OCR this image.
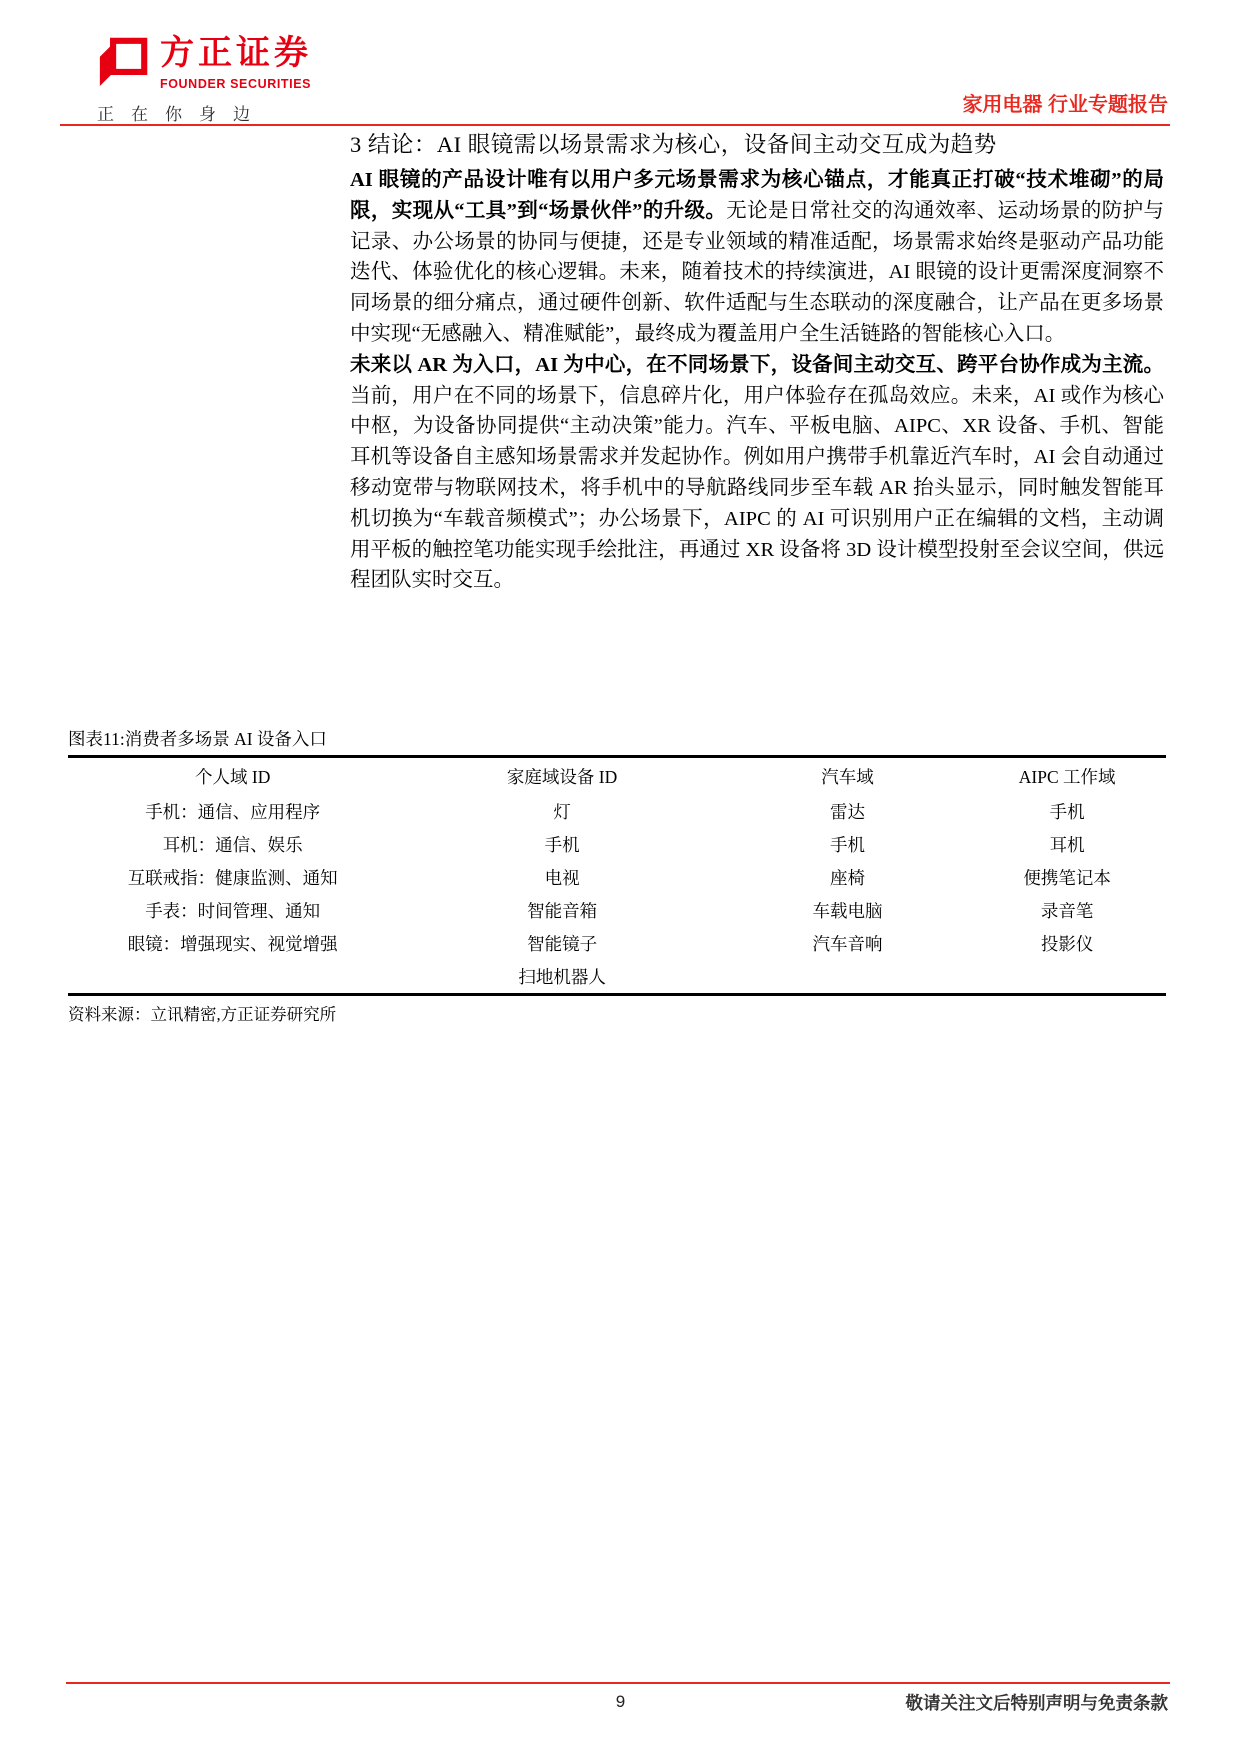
方正证券
FOUNDER SECURITIES
正在你身边	家用电器 行业专题报告
3 结论：AI 眼镜需以场景需求为核心，设备间主动交互成为趋势

AI 眼镜的产品设计唯有以用户多元场景需求为核心锚点，才能真正打破“技术堆砌”的局限，实现从“工具”到“场景伙伴”的升级。无论是日常社交的沟通效率、运动场景的防护与记录、办公场景的协同与便捷，还是专业领域的精准适配，场景需求始终是驱动产品功能迭代、体验优化的核心逻辑。未来，随着技术的持续演进，AI 眼镜的设计更需深度洞察不同场景的细分痛点，通过硬件创新、软件适配与生态联动的深度融合，让产品在更多场景中实现“无感融入、精准赋能”，最终成为覆盖用户全生活链路的智能核心入口。

未来以 AR 为入口，AI 为中心，在不同场景下，设备间主动交互、跨平台协作成为主流。当前，用户在不同的场景下，信息碎片化，用户体验存在孤岛效应。未来，AI 或作为核心中枢，为设备协同提供“主动决策”能力。汽车、平板电脑、AIPC、XR 设备、手机、智能耳机等设备自主感知场景需求并发起协作。例如用户携带手机靠近汽车时，AI 会自动通过移动宽带与物联网技术，将手机中的导航路线同步至车载 AR 抬头显示，同时触发智能耳机切换为“车载音频模式”；办公场景下，AIPC 的 AI 可识别用户正在编辑的文档，主动调用平板的触控笔功能实现手绘批注，再通过 XR 设备将 3D 设计模型投射至会议空间，供远程团队实时交互。

图表11:消费者多场景 AI 设备入口
个人域 ID	家庭域设备 ID	汽车域	AIPC 工作域
手机：通信、应用程序	灯	雷达	手机
耳机：通信、娱乐	手机	手机	耳机
互联戒指：健康监测、通知	电视	座椅	便携笔记本
手表：时间管理、通知	智能音箱	车载电脑	录音笔
眼镜：增强现实、视觉增强	智能镜子	汽车音响	投影仪
	扫地机器人		
资料来源：立讯精密,方正证券研究所
9	敬请关注文后特别声明与免责条款
